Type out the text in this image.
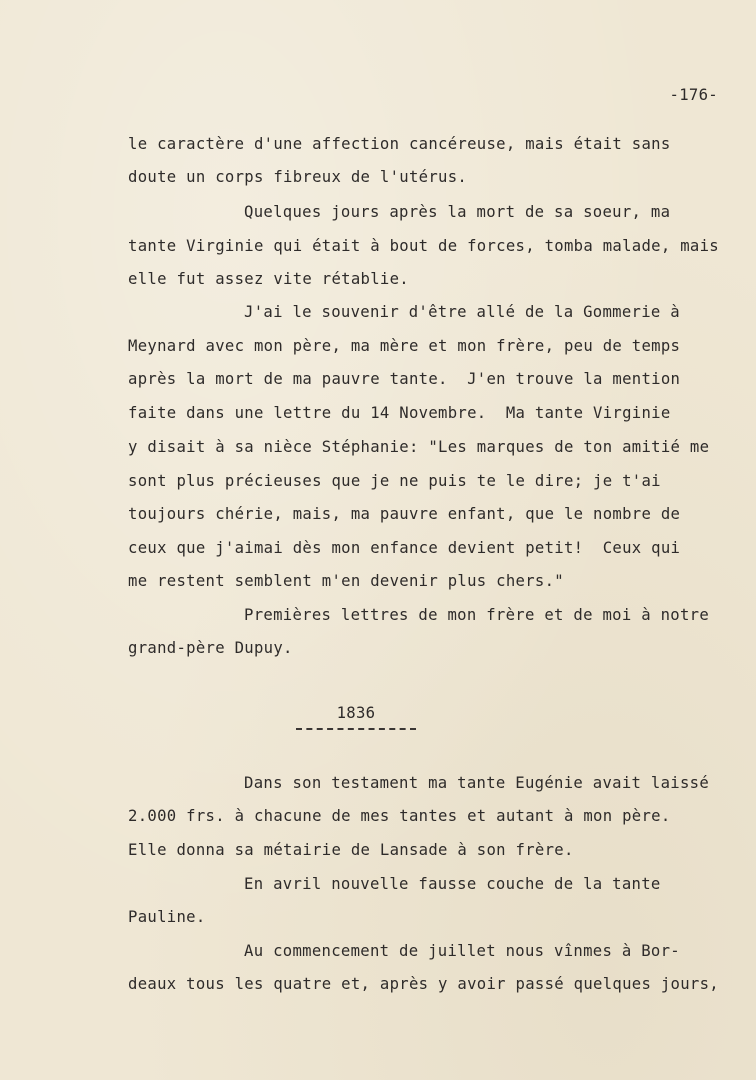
-176-
le caractère d'une affection cancéreuse, mais était sans
doute un corps fibreux de l'utérus.
Quelques jours après la mort de sa soeur, ma
tante Virginie qui était à bout de forces, tomba malade, mais
elle fut assez vite rétablie.
J'ai le souvenir d'être allé de la Gommerie à
Meynard avec mon père, ma mère et mon frère, peu de temps
après la mort de ma pauvre tante.  J'en trouve la mention
faite dans une lettre du 14 Novembre.  Ma tante Virginie
y disait à sa nièce Stéphanie: "Les marques de ton amitié me
sont plus précieuses que je ne puis te le dire; je t'ai
toujours chérie, mais, ma pauvre enfant, que le nombre de
ceux que j'aimai dès mon enfance devient petit!  Ceux qui
me restent semblent m'en devenir plus chers."
Premières lettres de mon frère et de moi à notre
grand-père Dupuy.
1836
Dans son testament ma tante Eugénie avait laissé
2.000 frs. à chacune de mes tantes et autant à mon père.
Elle donna sa métairie de Lansade à son frère.
En avril nouvelle fausse couche de la tante
Pauline.
Au commencement de juillet nous vînmes à Bor-
deaux tous les quatre et, après y avoir passé quelques jours,
